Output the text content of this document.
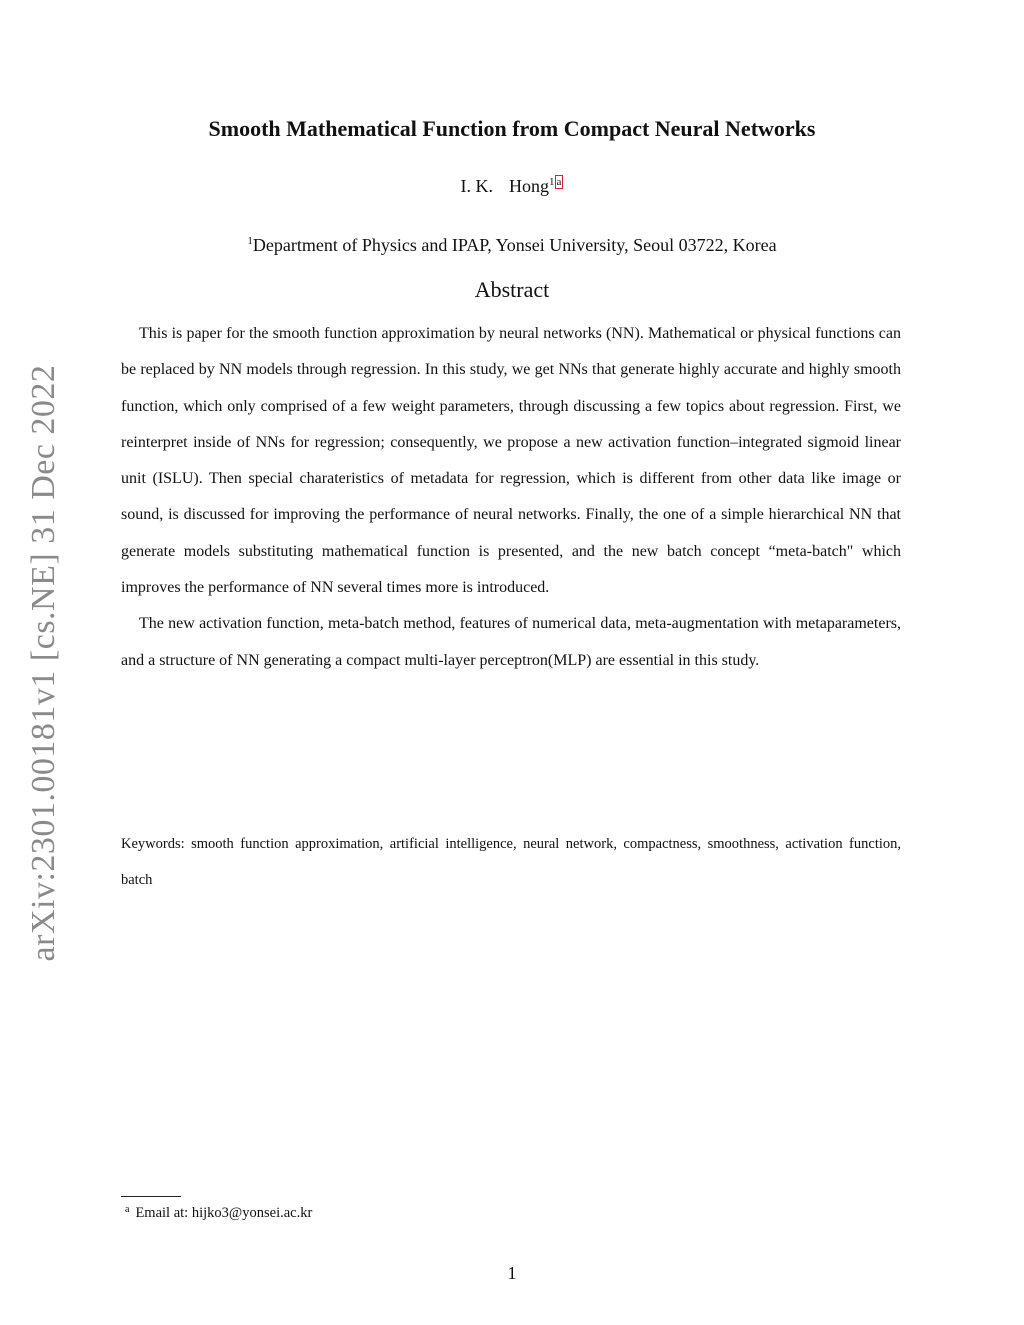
arXiv:2301.00181v1 [cs.NE] 31 Dec 2022
Smooth Mathematical Function from Compact Neural Networks
I. K. Hong$^1$ $^a$
$^1$Department of Physics and IPAP, Yonsei University, Seoul 03722, Korea
Abstract

This is paper for the smooth function approximation by neural networks (NN). Mathematical or physical functions can be replaced by NN models through regression. In this study, we get NNs that generate highly accurate and highly smooth function, which only comprised of a few weight parameters, through discussing a few topics about regression. First, we reinterpret inside of NNs for regression; consequently, we propose a new activation function–integrated sigmoid linear unit (ISLU). Then special charateristics of metadata for regression, which is different from other data like image or sound, is discussed for improving the performance of neural networks. Finally, the one of a simple hierarchical NN that generate models substituting mathematical function is presented, and the new batch concept “meta-batch" which improves the performance of NN several times more is introduced.

The new activation function, meta-batch method, features of numerical data, meta-augmentation with metaparameters, and a structure of NN generating a compact multi-layer perceptron(MLP) are essential in this study.

Keywords: smooth function approximation, artificial intelligence, neural network, compactness, smoothness, activation function, batch
$^a$ Email at: hijko3@yonsei.ac.kr
1
